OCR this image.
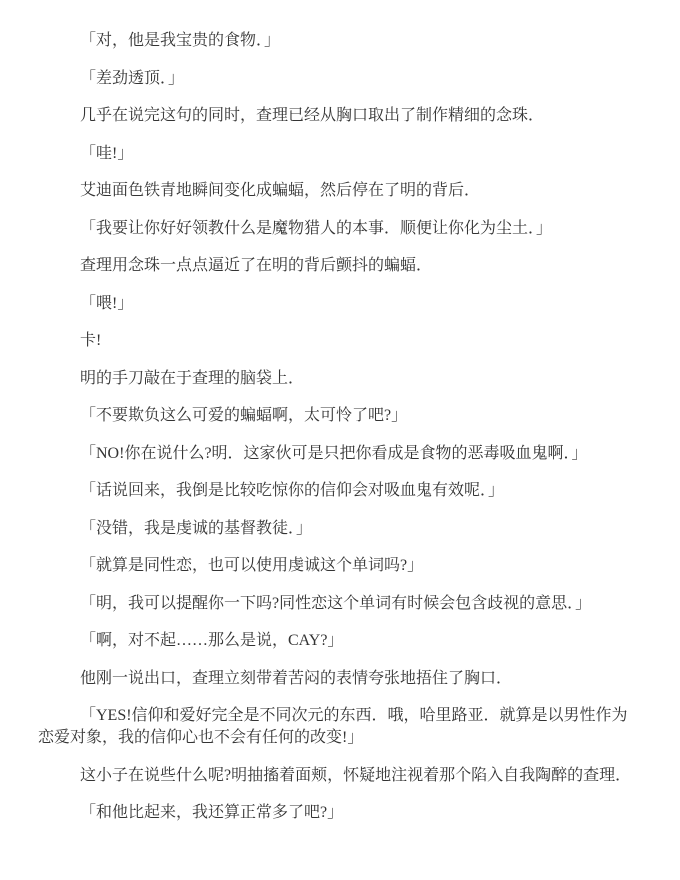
「对，他是我宝贵的食物．」

「差劲透顶．」

几乎在说完这句的同时，查理已经从胸口取出了制作精细的念珠．

「哇!」

艾迪面色铁青地瞬间变化成蝙蝠，然后停在了明的背后．

「我要让你好好领教什么是魔物猎人的本事．顺便让你化为尘土．」

查理用念珠一点点逼近了在明的背后颤抖的蝙蝠．

「喂!」

卡!

明的手刀敲在于查理的脑袋上．

「不要欺负这么可爱的蝙蝠啊，太可怜了吧?」

「NO!你在说什么?明．这家伙可是只把你看成是食物的恶毒吸血鬼啊．」

「话说回来，我倒是比较吃惊你的信仰会对吸血鬼有效呢．」

「没错，我是虔诚的基督教徒．」

「就算是同性恋，也可以使用虔诚这个单词吗?」

「明，我可以提醒你一下吗?同性恋这个单词有时候会包含歧视的意思．」

「啊，对不起……那么是说，CAY?」

他刚一说出口，查理立刻带着苦闷的表情夸张地捂住了胸口．

「YES!信仰和爱好完全是不同次元的东西．哦，哈里路亚．就算是以男性作为恋爱对象，我的信仰心也不会有任何的改变!」

这小子在说些什么呢?明抽搐着面颊，怀疑地注视着那个陷入自我陶醉的查理．

「和他比起来，我还算正常多了吧?」
